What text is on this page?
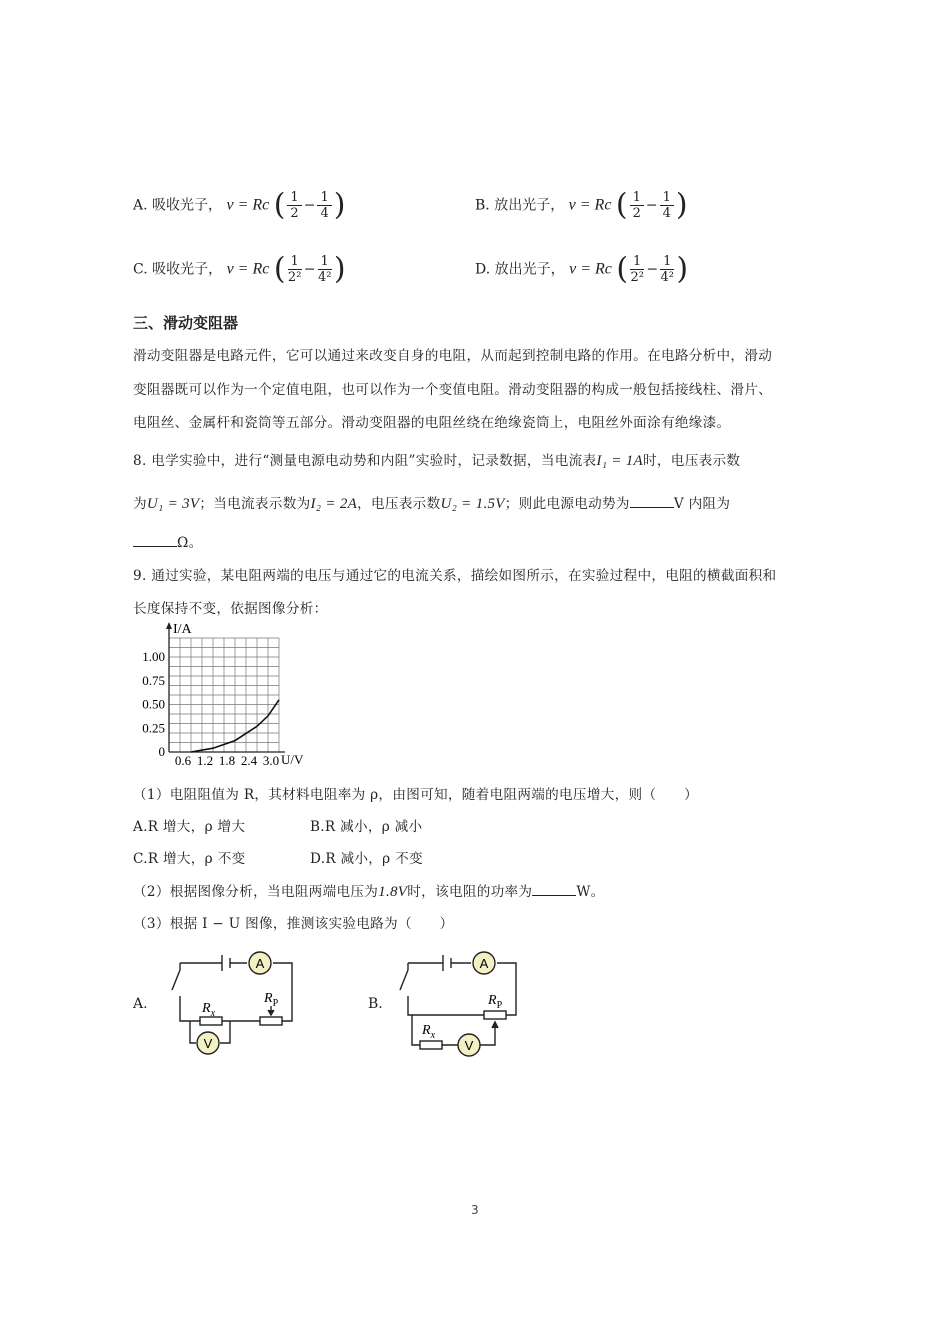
A. 吸收光子， ν = Rc ( $\frac{1}{2} - \frac{1}{4}$ )	B. 放出光子， ν = Rc ( $\frac{1}{2} - \frac{1}{4}$ )
C. 吸收光子， ν = Rc ( $\frac{1}{\text{2²}} - \frac{1}{\text{4²}}$ )	D. 放出光子， ν = Rc ( $\frac{1}{\text{2²}} - \frac{1}{\text{4²}}$ )
三、滑动变阻器
滑动变阻器是电路元件，它可以通过来改变自身的电阻，从而起到控制电路的作用。在电路分析中，滑动
变阻器既可以作为一个定值电阻，也可以作为一个变值电阻。滑动变阻器的构成一般包括接线柱、滑片、
电阻丝、金属杆和瓷筒等五部分。滑动变阻器的电阻丝绕在绝缘瓷筒上，电阻丝外面涂有绝缘漆。
8. 电学实验中，进行“测量电源电动势和内阻”实验时，记录数据，当电流表I₁ = 1A时，电压表示数
为U₁ = 3V；当电流表示数为I₂ = 2A，电压表示数U₂ = 1.5V；则此电源电动势为	V 内阻为
Ω。
9. 通过实验，某电阻两端的电压与通过它的电流关系，描绘如图所示，在实验过程中，电阻的横截面积和
长度保持不变，依据图像分析：
I/A
U/V
0
0.25
0.50
0.75
1.00
0.6 1.2 1.8 2.4 3.0
（1）电阻阻值为 R，其材料电阻率为 ρ，由图可知，随着电阻两端的电压增大，则（　　）
A.R 增大，ρ 增大	B.R 减小，ρ 减小
C.R 增大，ρ 不变	D.R 减小，ρ 不变
（2）根据图像分析，当电阻两端电压为1.8V时，该电阻的功率为	W。
（3）根据 I − U 图像，推测该实验电路为（　　）
A.
A
V
$R_x$
$R_P$	B.
A
V
$R_x$
$R_P$
3
